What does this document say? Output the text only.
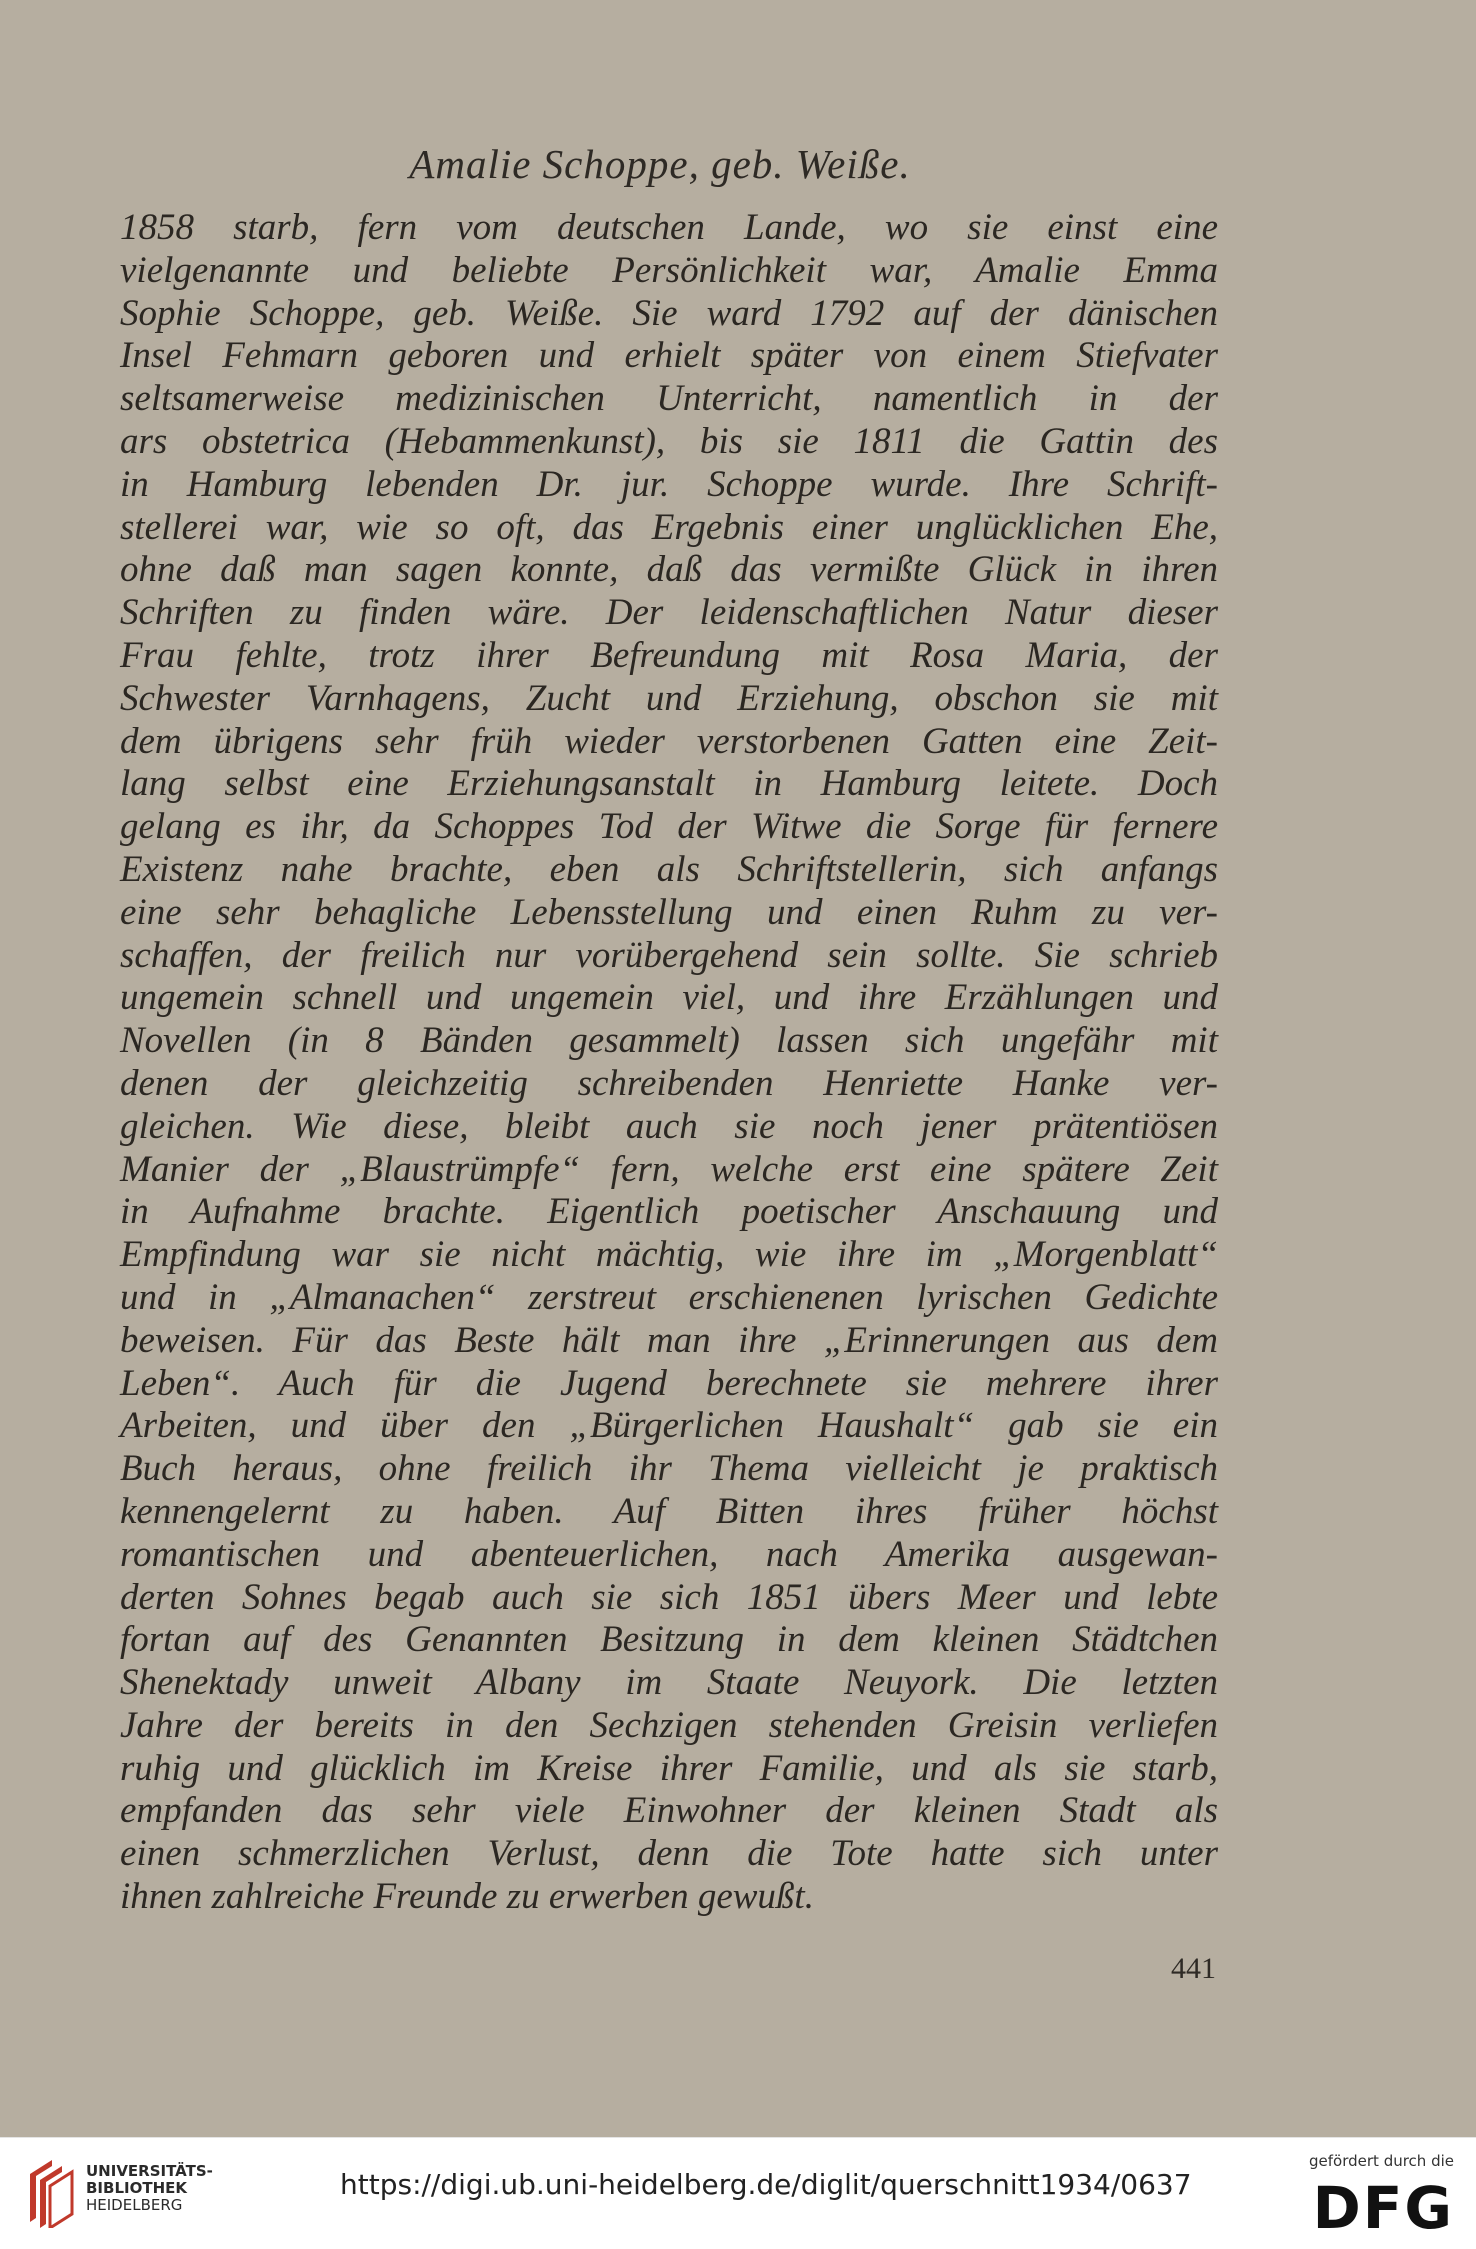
Amalie Schoppe, geb. Weiße.
1858 starb, fern vom deutschen Lande, wo sie einst eine
vielgenannte und beliebte Persönlichkeit war, Amalie Emma
Sophie Schoppe, geb. Weiße. Sie ward 1792 auf der dänischen
Insel Fehmarn geboren und erhielt später von einem Stiefvater
seltsamerweise medizinischen Unterricht, namentlich in der
ars obstetrica (Hebammenkunst), bis sie 1811 die Gattin des
in Hamburg lebenden Dr. jur. Schoppe wurde. Ihre Schrift-
stellerei war, wie so oft, das Ergebnis einer unglücklichen Ehe,
ohne daß man sagen konnte, daß das vermißte Glück in ihren
Schriften zu finden wäre. Der leidenschaftlichen Natur dieser
Frau fehlte, trotz ihrer Befreundung mit Rosa Maria, der
Schwester Varnhagens, Zucht und Erziehung, obschon sie mit
dem übrigens sehr früh wieder verstorbenen Gatten eine Zeit-
lang selbst eine Erziehungsanstalt in Hamburg leitete. Doch
gelang es ihr, da Schoppes Tod der Witwe die Sorge für fernere
Existenz nahe brachte, eben als Schriftstellerin, sich anfangs
eine sehr behagliche Lebensstellung und einen Ruhm zu ver-
schaffen, der freilich nur vorübergehend sein sollte. Sie schrieb
ungemein schnell und ungemein viel, und ihre Erzählungen und
Novellen (in 8 Bänden gesammelt) lassen sich ungefähr mit
denen der gleichzeitig schreibenden Henriette Hanke ver-
gleichen. Wie diese, bleibt auch sie noch jener prätentiösen
Manier der „Blaustrümpfe“ fern, welche erst eine spätere Zeit
in Aufnahme brachte. Eigentlich poetischer Anschauung und
Empfindung war sie nicht mächtig, wie ihre im „Morgenblatt“
und in „Almanachen“ zerstreut erschienenen lyrischen Gedichte
beweisen. Für das Beste hält man ihre „Erinnerungen aus dem
Leben“. Auch für die Jugend berechnete sie mehrere ihrer
Arbeiten, und über den „Bürgerlichen Haushalt“ gab sie ein
Buch heraus, ohne freilich ihr Thema vielleicht je praktisch
kennengelernt zu haben. Auf Bitten ihres früher höchst
romantischen und abenteuerlichen, nach Amerika ausgewan-
derten Sohnes begab auch sie sich 1851 übers Meer und lebte
fortan auf des Genannten Besitzung in dem kleinen Städtchen
Shenektady unweit Albany im Staate Neuyork. Die letzten
Jahre der bereits in den Sechzigen stehenden Greisin verliefen
ruhig und glücklich im Kreise ihrer Familie, und als sie starb,
empfanden das sehr viele Einwohner der kleinen Stadt als
einen schmerzlichen Verlust, denn die Tote hatte sich unter
ihnen zahlreiche Freunde zu erwerben gewußt.
441
UNIVERSITÄTS-
BIBLIOTHEK
HEIDELBERG
https://digi.ub.uni-heidelberg.de/diglit/querschnitt1934/0637
gefördert durch die
DFG
